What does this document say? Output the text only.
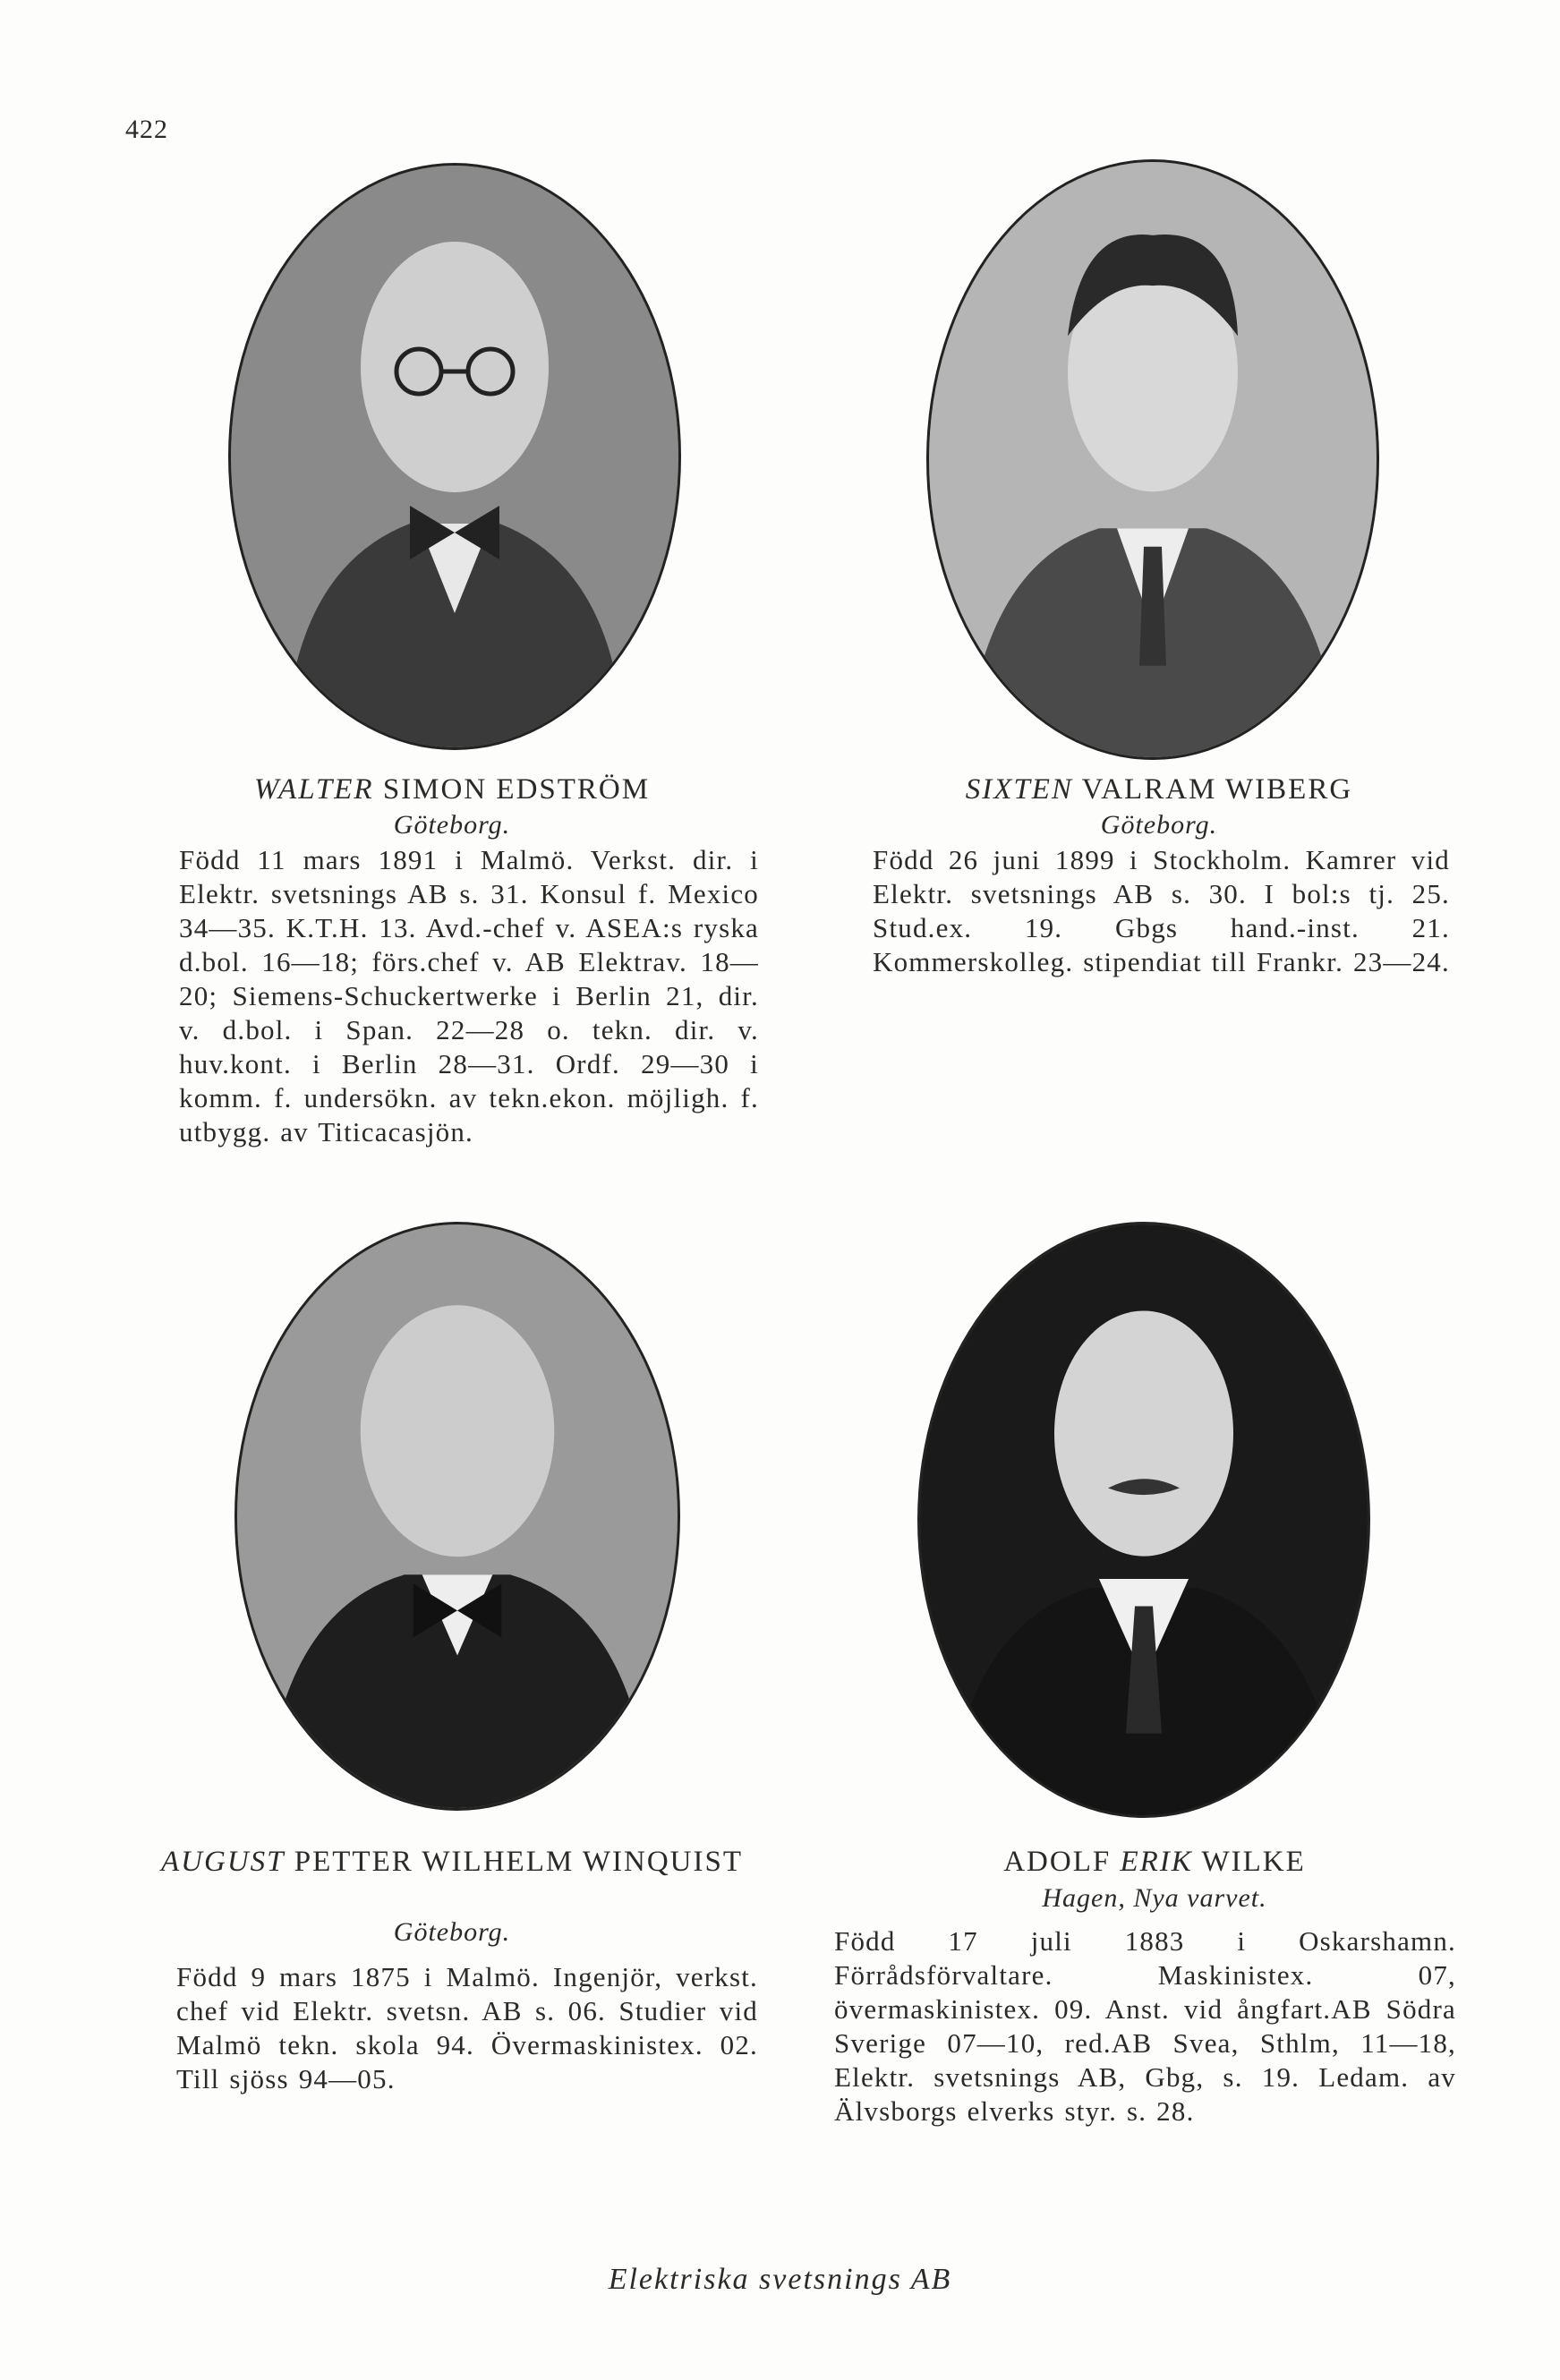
422
WALTER SIMON EDSTRÖM
Göteborg.
Född 11 mars 1891 i Malmö. Verkst. dir. i Elektr. svetsnings AB s. 31. Konsul f. Mexico 34—35. K.T.H. 13. Avd.-chef v. ASEA:s ryska d.bol. 16—18; förs.chef v. AB Elektrav. 18—20; Siemens-Schuckertwerke i Berlin 21, dir. v. d.bol. i Span. 22—28 o. tekn. dir. v. huv.kont. i Berlin 28—31. Ordf. 29—30 i komm. f. undersökn. av tekn.ekon. möjligh. f. utbygg. av Titicacasjön.
SIXTEN VALRAM WIBERG
Göteborg.
Född 26 juni 1899 i Stockholm. Kamrer vid Elektr. svetsnings AB s. 30. I bol:s tj. 25. Stud.ex. 19. Gbgs hand.-inst. 21. Kommerskolleg. stipendiat till Frankr. 23—24.
AUGUST PETTER WILHELM WINQUIST
Göteborg.
Född 9 mars 1875 i Malmö. Ingenjör, verkst. chef vid Elektr. svetsn. AB s. 06. Studier vid Malmö tekn. skola 94. Övermaskinistex. 02. Till sjöss 94—05.
ADOLF ERIK WILKE
Hagen, Nya varvet.
Född 17 juli 1883 i Oskarshamn. Förrådsförvaltare. Maskinistex. 07, övermaskinistex. 09. Anst. vid ångfart.AB Södra Sverige 07—10, red.AB Svea, Sthlm, 11—18, Elektr. svetsnings AB, Gbg, s. 19. Ledam. av Älvsborgs elverks styr. s. 28.
Elektriska svetsnings AB
